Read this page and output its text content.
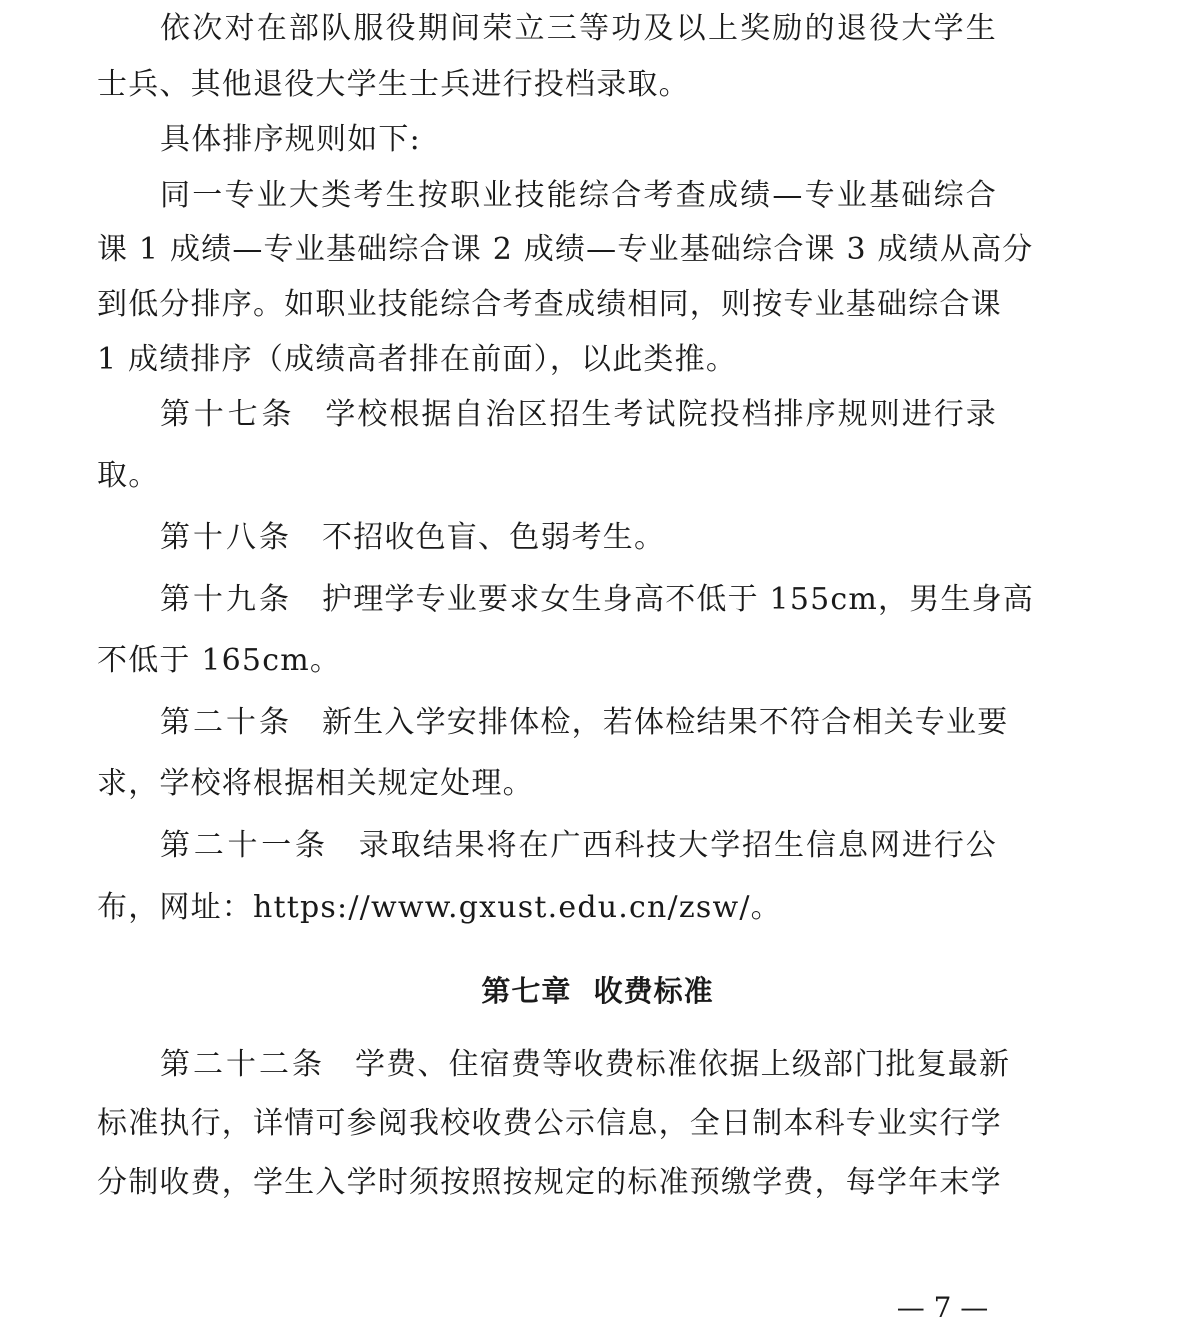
依次对在部队服役期间荣立三等功及以上奖励的退役大学生
士兵、其他退役大学生士兵进行投档录取。
具体排序规则如下:
同一专业大类考生按职业技能综合考查成绩—专业基础综合
课 1 成绩—专业基础综合课 2 成绩—专业基础综合课 3 成绩从高分
到低分排序。如职业技能综合考查成绩相同，则按专业基础综合课
1 成绩排序（成绩高者排在前面），以此类推。
第十七条 学校根据自治区招生考试院投档排序规则进行录
取。
第十八条 不招收色盲、色弱考生。
第十九条 护理学专业要求女生身高不低于 155cm，男生身高
不低于 165cm。
第二十条 新生入学安排体检，若体检结果不符合相关专业要
求，学校将根据相关规定处理。
第二十一条 录取结果将在广西科技大学招生信息网进行公
布，网址：https://www.gxust.edu.cn/zsw/。
第七章  收费标准
第二十二条 学费、住宿费等收费标准依据上级部门批复最新
标准执行，详情可参阅我校收费公示信息，全日制本科专业实行学
分制收费，学生入学时须按照按规定的标准预缴学费，每学年末学
— 7 —
